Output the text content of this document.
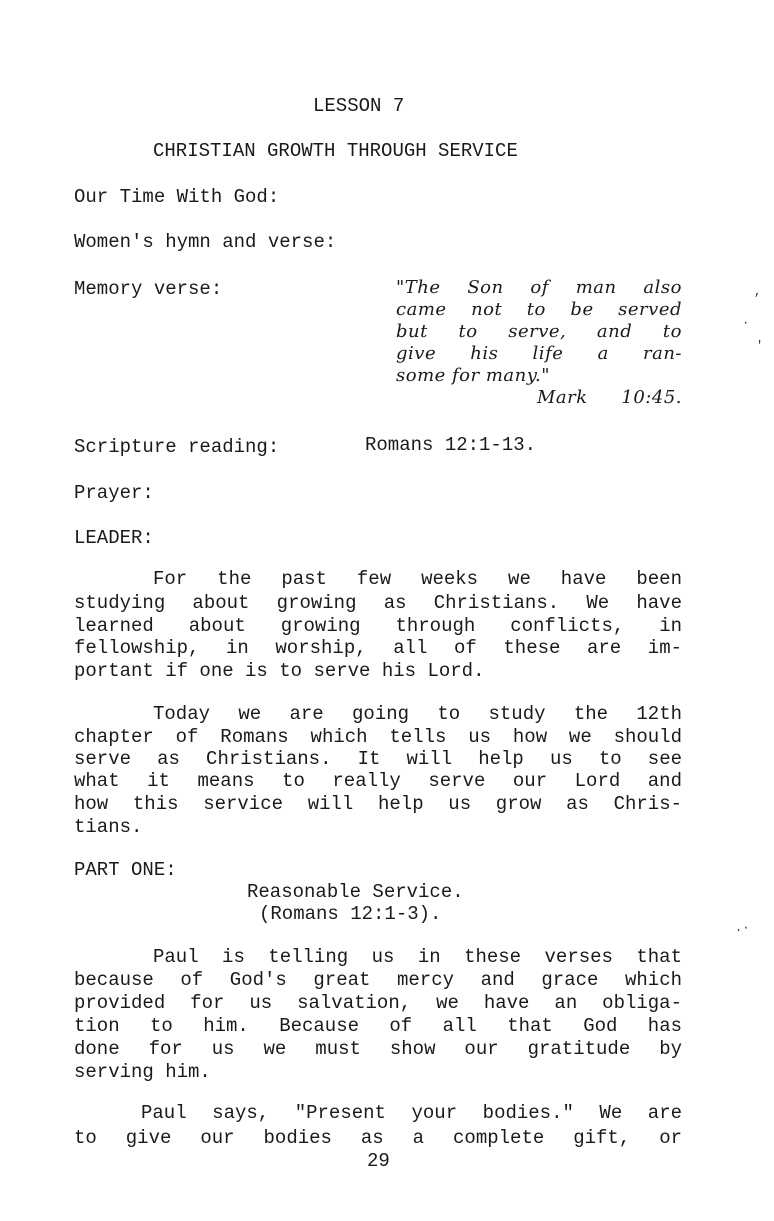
LESSON 7
CHRISTIAN GROWTH THROUGH SERVICE
Our Time With God:
Women's hymn and verse:
Memory verse:	"The Son of man also
came not to be served
but to serve, and to
give his life a ran-
some for many."
Mark 10:45.
Scripture reading:	Romans 12:1-13.
Prayer:
LEADER:
For the past few weeks we have been
studying about growing as Christians. We have
learned about growing through conflicts, in
fellowship, in worship, all of these are im-
portant if one is to serve his Lord.
Today we are going to study the 12th
chapter of Romans which tells us how we should
serve as Christians. It will help us to see
what it means to really serve our Lord and
how this service will help us grow as Chris-
tians.
PART ONE:
Reasonable Service.
(Romans 12:1-3).
Paul is telling us in these verses that
because of God's great mercy and grace which
provided for us salvation, we have an obliga-
tion to him. Because of all that God has
done for us we must show our gratitude by
serving him.
Paul says, "Present your bodies." We are
to give our bodies as a complete gift, or
29
,
·
'
.·
